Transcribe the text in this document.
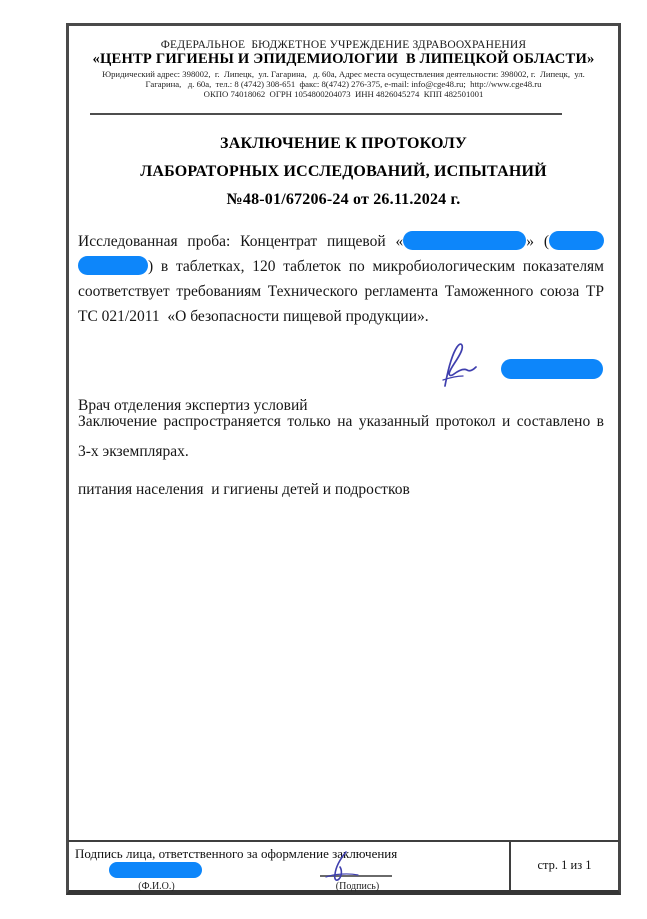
ФЕДЕРАЛЬНОЕ  БЮДЖЕТНОЕ УЧРЕЖДЕНИЕ ЗДРАВООХРАНЕНИЯ
«ЦЕНТР ГИГИЕНЫ И ЭПИДЕМИОЛОГИИ  В ЛИПЕЦКОЙ ОБЛАСТИ»
Юридический адрес: 398002,  г.  Липецк,  ул. Гагарина,   д. 60а, Адрес места осуществления деятельности: 398002, г.  Липецк,  ул.
Гагарина,   д. 60а,  тел.: 8 (4742) 308-651  факс: 8(4742) 276-375, e-mail: info@cge48.ru;  http://www.cge48.ru
ОКПО 74018062  ОГРН 1054800204073  ИНН 4826045274  КПП 482501001
ЗАКЛЮЧЕНИЕ К ПРОТОКОЛУ
ЛАБОРАТОРНЫХ ИССЛЕДОВАНИЙ, ИСПЫТАНИЙ
№48-01/67206-24 от 26.11.2024 г.
Исследованная проба: Концентрат пищевой «	» (
) в таблетках, 120 таблеток по микробиологическим показателям
соответствует требованиям Технического регламента Таможенного союза ТР
ТС 021/2011  «О безопасности пищевой продукции».

Врач отделения экспертиз условий

питания населения  и гигиены детей и подростков

Заключение распространяется только на указанный протокол и составлено в
3-х экземплярах.
Подпись лица, ответственного за оформление заключения
(Ф.И.О.)	(Подпись)
стр. 1 из 1
